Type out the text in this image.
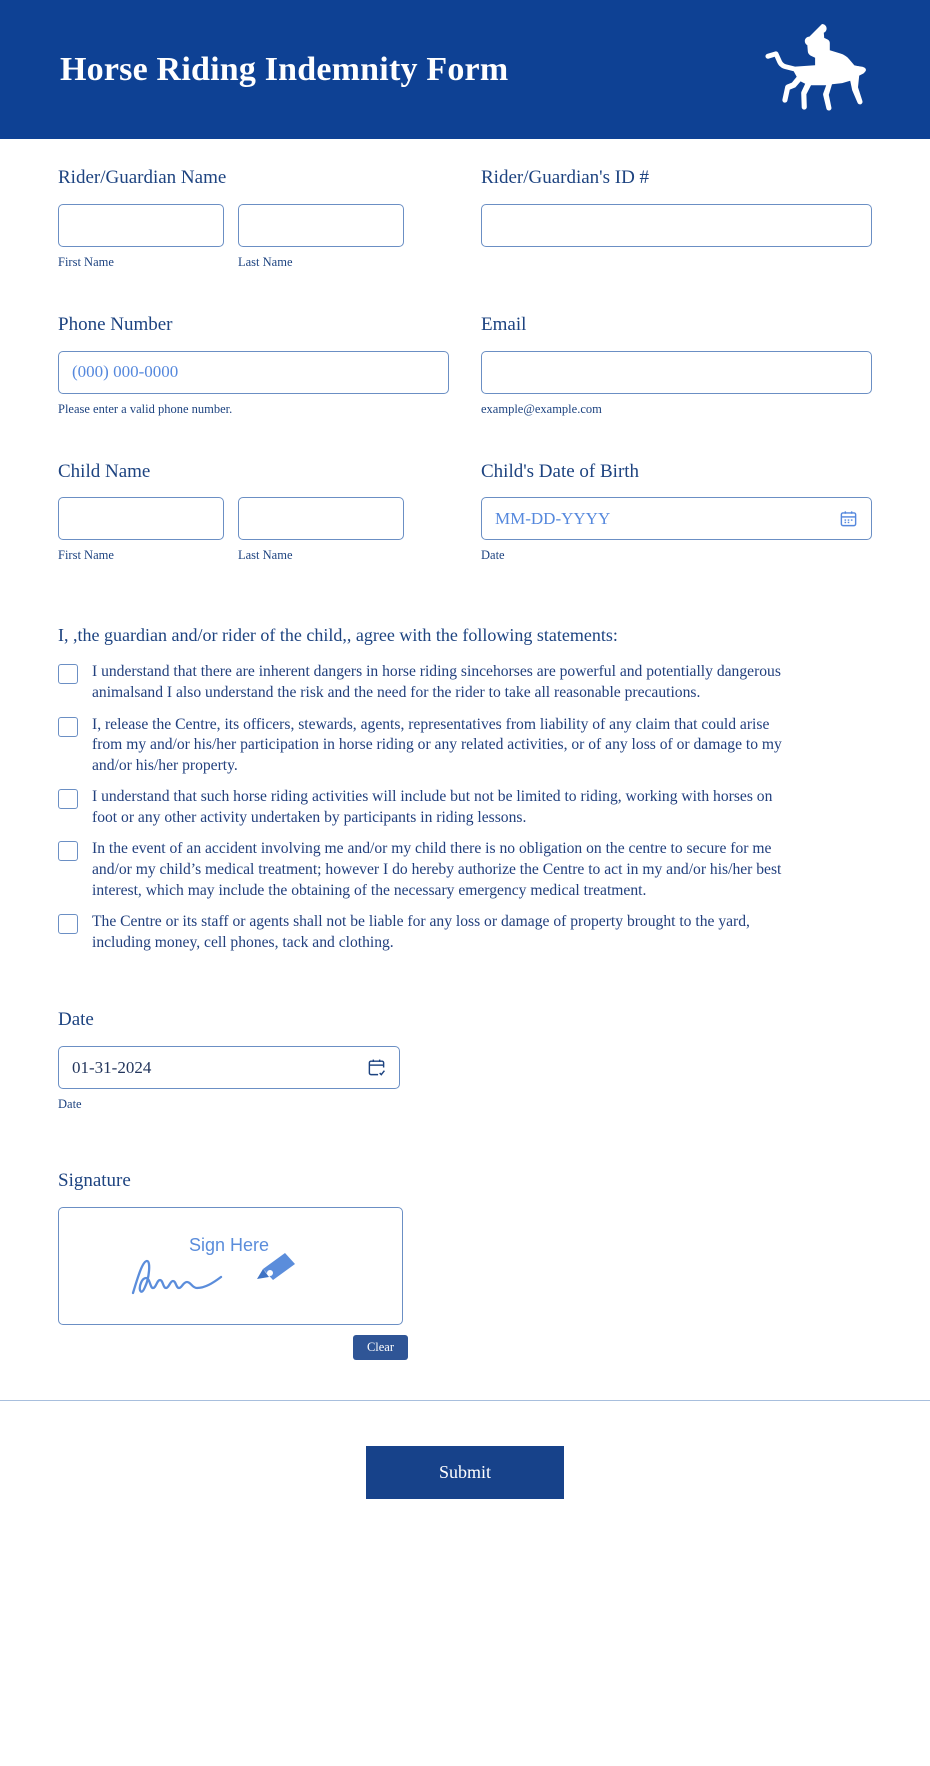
Horse Riding Indemnity Form
Rider/Guardian Name
First Name	Last Name
Rider/Guardian's ID #
Phone Number
(000) 000-0000
Please enter a valid phone number.
Email
example@example.com
Child Name
First Name	Last Name
Child's Date of Birth
MM-DD-YYYY
Date
I, ,the guardian and/or rider of the child,, agree with the following statements:
I understand that there are inherent dangers in horse riding sincehorses are powerful and potentially dangerous animalsand I also understand the risk and the need for the rider to take all reasonable precautions.
I, release the Centre, its officers, stewards, agents, representatives from liability of any claim that could arise from my and/or his/her participation in horse riding or any related activities, or of any loss of or damage to my and/or his/her property.
I understand that such horse riding activities will include but not be limited to riding, working with horses on foot or any other activity undertaken by participants in riding lessons.
In the event of an accident involving me and/or my child there is no obligation on the centre to secure for me and/or my child’s medical treatment; however I do hereby authorize the Centre to act in my and/or his/her best interest, which may include the obtaining of the necessary emergency medical treatment.
The Centre or its staff or agents shall not be liable for any loss or damage of property brought to the yard, including money, cell phones, tack and clothing.
Date
01-31-2024
Date
Signature
Sign Here
Clear
Submit
